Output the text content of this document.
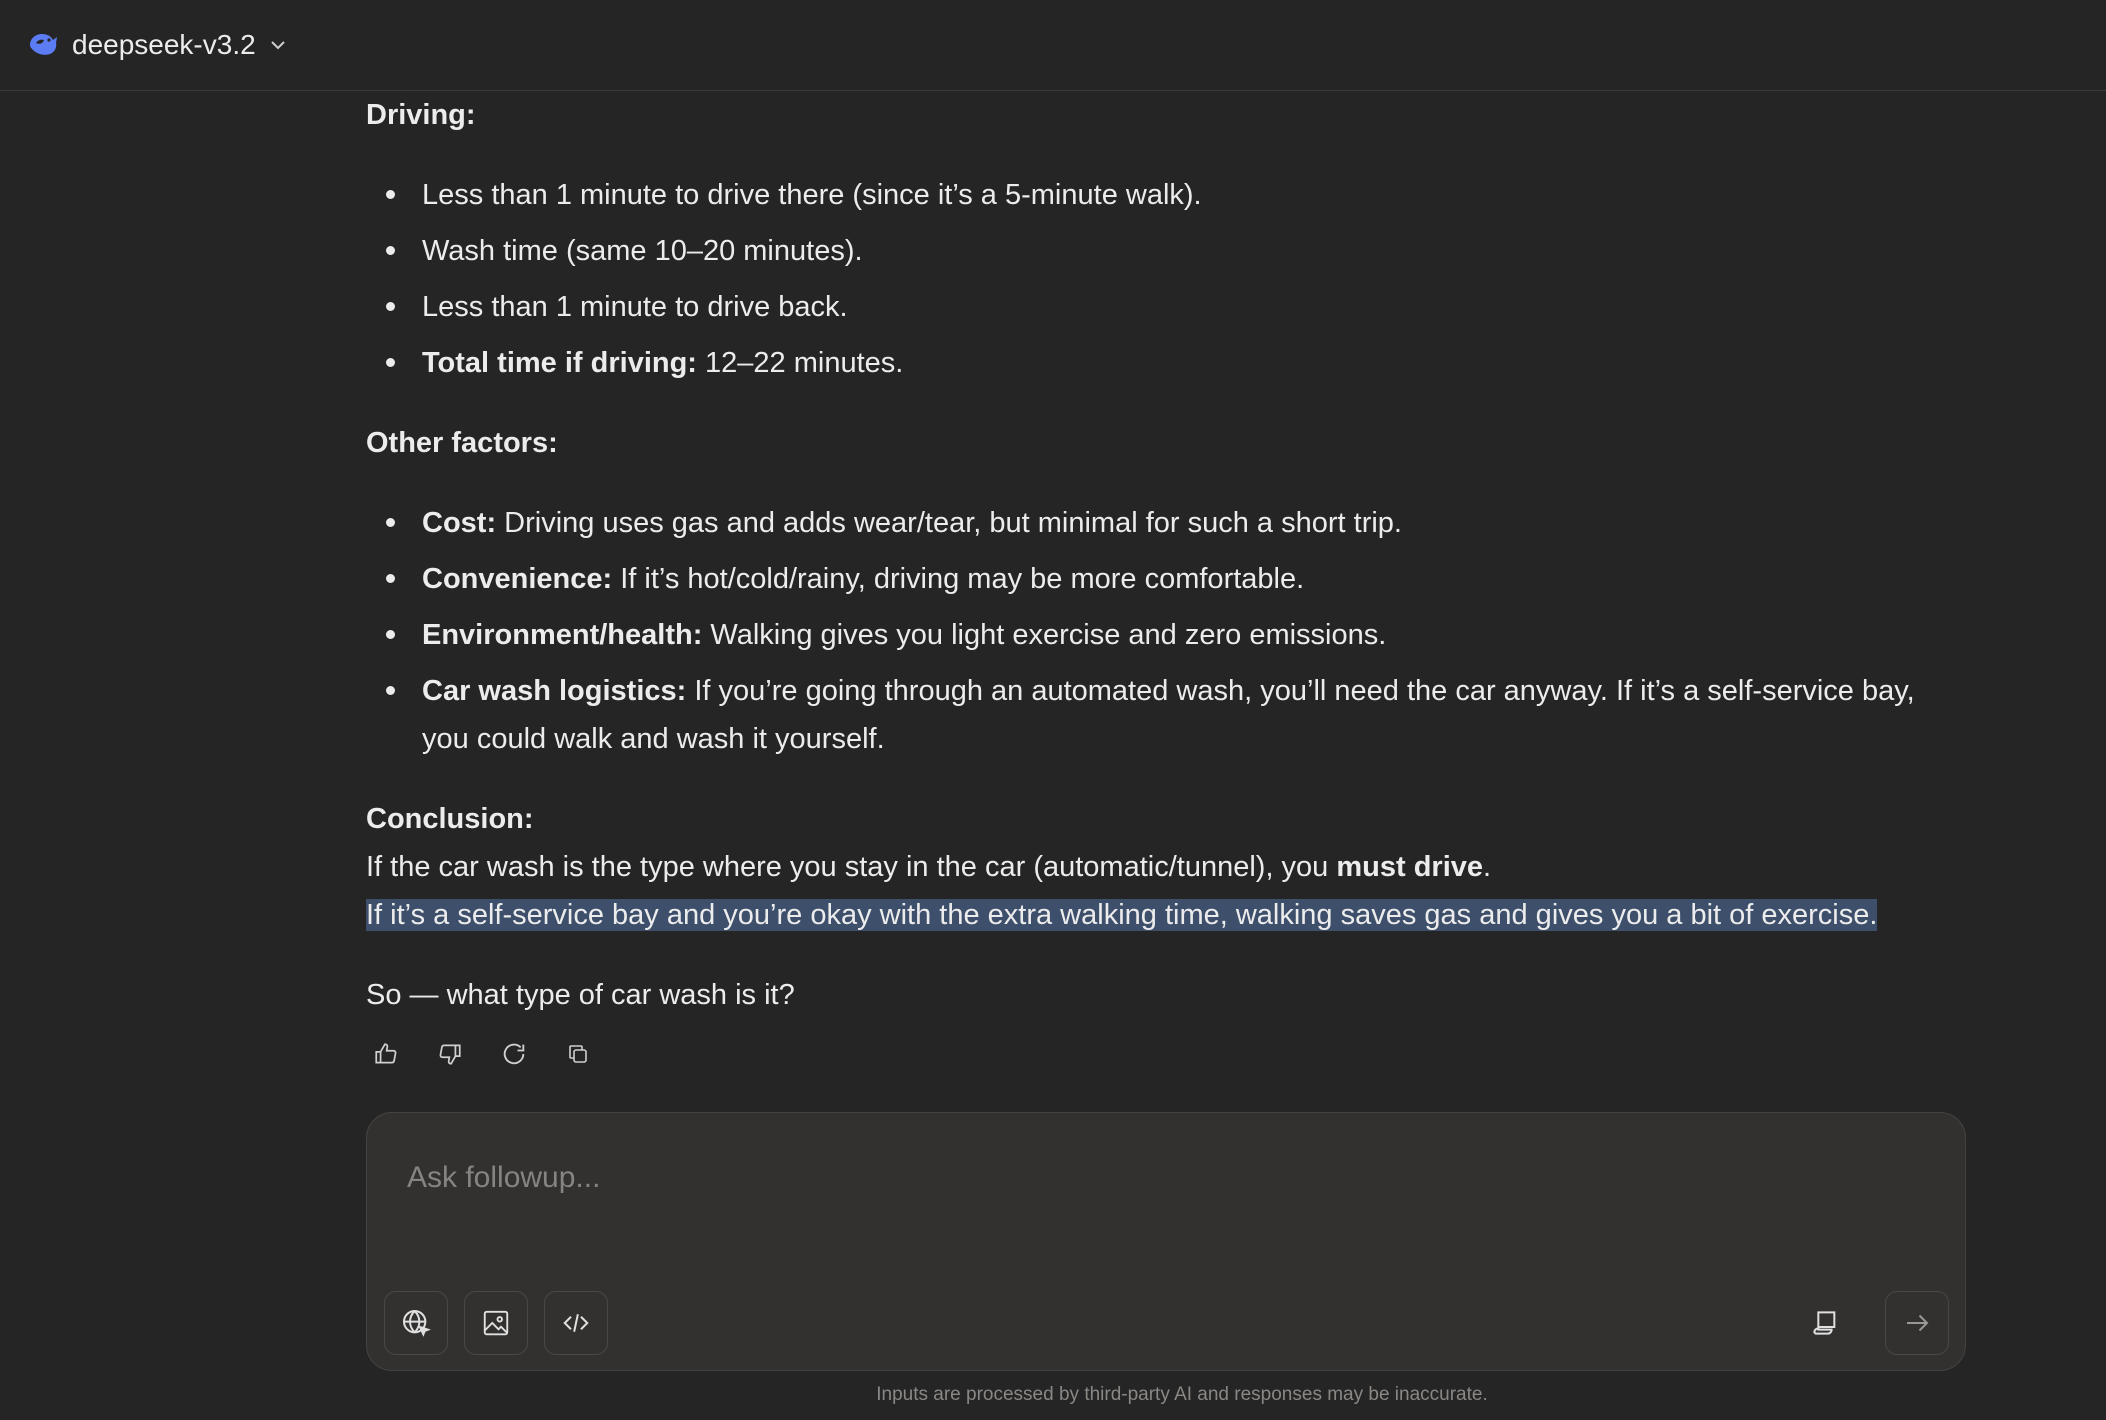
deepseek-v3.2
Driving:
Less than 1 minute to drive there (since it’s a 5-minute walk).
Wash time (same 10–20 minutes).
Less than 1 minute to drive back.
Total time if driving: 12–22 minutes.
Other factors:
Cost: Driving uses gas and adds wear/tear, but minimal for such a short trip.
Convenience: If it’s hot/cold/rainy, driving may be more comfortable.
Environment/health: Walking gives you light exercise and zero emissions.
Car wash logistics: If you’re going through an automated wash, you’ll need the car anyway. If it’s a self-service bay, you could walk and wash it yourself.
Conclusion:
If the car wash is the type where you stay in the car (automatic/tunnel), you must drive.
If it’s a self-service bay and you’re okay with the extra walking time, walking saves gas and gives you a bit of exercise.
So — what type of car wash is it?
Ask followup...
Inputs are processed by third-party AI and responses may be inaccurate.
